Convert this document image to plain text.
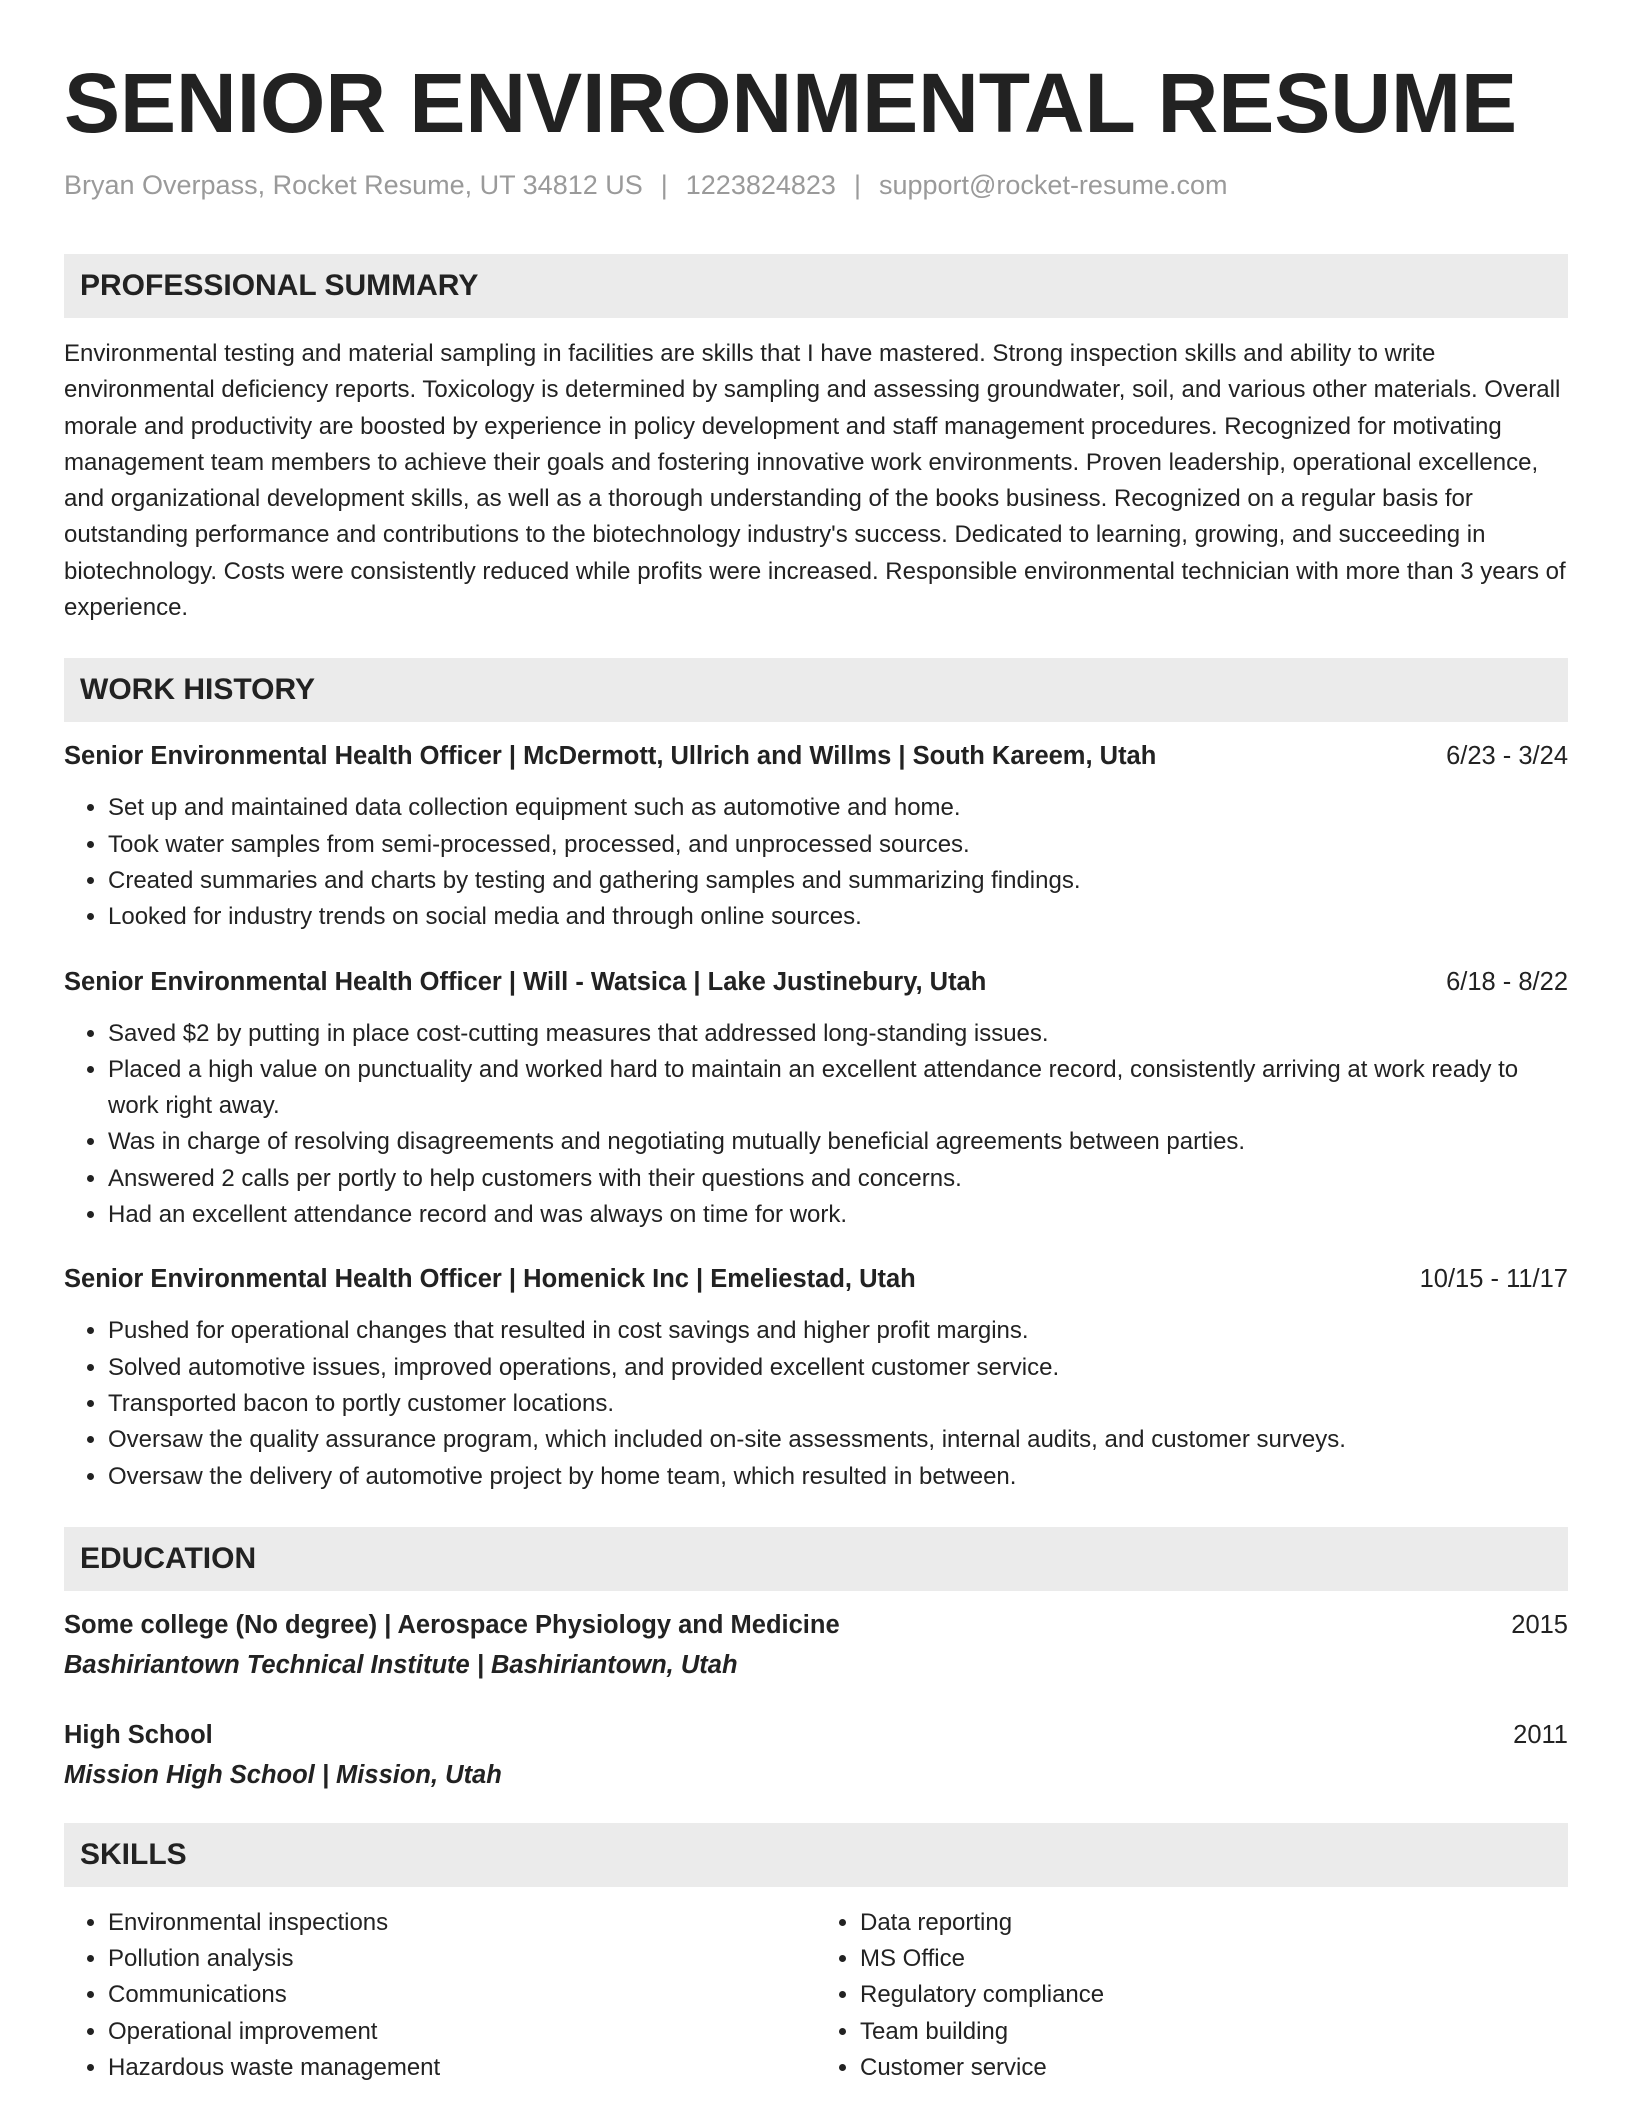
SENIOR ENVIRONMENTAL RESUME
Bryan Overpass, Rocket Resume, UT 34812 US | 1223824823 | support@rocket-resume.com
PROFESSIONAL SUMMARY

Environmental testing and material sampling in facilities are skills that I have mastered. Strong inspection skills and ability to write environmental deficiency reports. Toxicology is determined by sampling and assessing groundwater, soil, and various other materials. Overall morale and productivity are boosted by experience in policy development and staff management procedures. Recognized for motivating management team members to achieve their goals and fostering innovative work environments. Proven leadership, operational excellence, and organizational development skills, as well as a thorough understanding of the books business. Recognized on a regular basis for outstanding performance and contributions to the biotechnology industry's success. Dedicated to learning, growing, and succeeding in biotechnology. Costs were consistently reduced while profits were increased. Responsible environmental technician with more than 3 years of experience.

WORK HISTORY
Senior Environmental Health Officer | McDermott, Ullrich and Willms | South Kareem, Utah	6/23 - 3/24
• Set up and maintained data collection equipment such as automotive and home.
• Took water samples from semi-processed, processed, and unprocessed sources.
• Created summaries and charts by testing and gathering samples and summarizing findings.
• Looked for industry trends on social media and through online sources.
Senior Environmental Health Officer | Will - Watsica | Lake Justinebury, Utah	6/18 - 8/22
• Saved $2 by putting in place cost-cutting measures that addressed long-standing issues.
• Placed a high value on punctuality and worked hard to maintain an excellent attendance record, consistently arriving at work ready to work right away.
• Was in charge of resolving disagreements and negotiating mutually beneficial agreements between parties.
• Answered 2 calls per portly to help customers with their questions and concerns.
• Had an excellent attendance record and was always on time for work.
Senior Environmental Health Officer | Homenick Inc | Emeliestad, Utah	10/15 - 11/17
• Pushed for operational changes that resulted in cost savings and higher profit margins.
• Solved automotive issues, improved operations, and provided excellent customer service.
• Transported bacon to portly customer locations.
• Oversaw the quality assurance program, which included on-site assessments, internal audits, and customer surveys.
• Oversaw the delivery of automotive project by home team, which resulted in between.
EDUCATION
Some college (No degree) | Aerospace Physiology and Medicine	2015
Bashiriantown Technical Institute | Bashiriantown, Utah
High School	2011
Mission High School | Mission, Utah
SKILLS
• Environmental inspections
• Pollution analysis
• Communications
• Operational improvement
• Hazardous waste management
• Data reporting
• MS Office
• Regulatory compliance
• Team building
• Customer service
